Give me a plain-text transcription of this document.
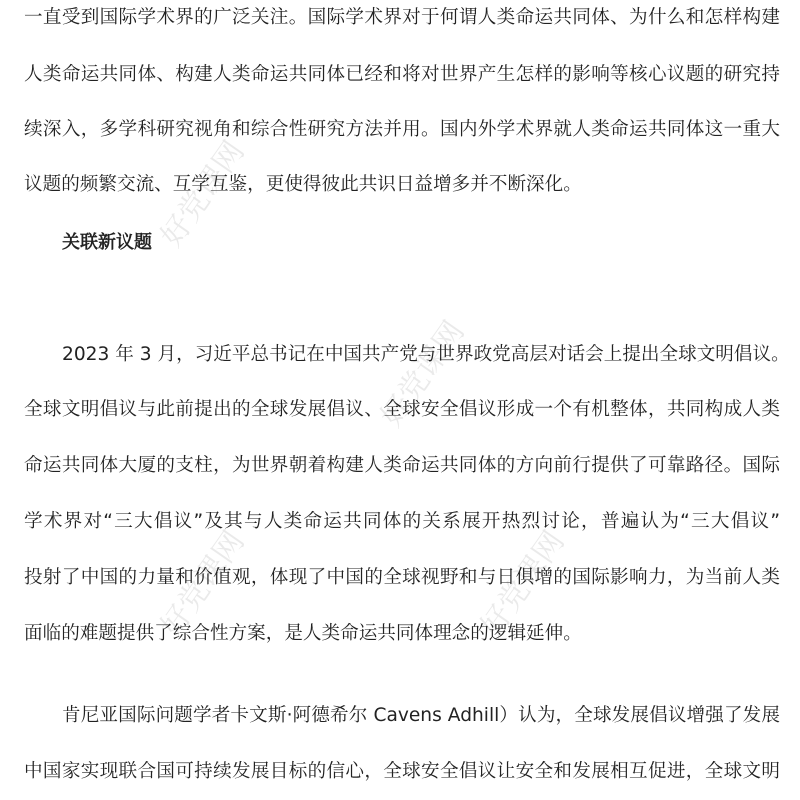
好党课网
好党课网
好党课网	好党课网
一直受到国际学术界的广泛关注。国际学术界对于何谓人类命运共同体、为什么和怎样构建
人类命运共同体、构建人类命运共同体已经和将对世界产生怎样的影响等核心议题的研究持
续深入，多学科研究视角和综合性研究方法并用。国内外学术界就人类命运共同体这一重大
议题的频繁交流、互学互鉴，更使得彼此共识日益增多并不断深化。
关联新议题
2023 年 3 月，习近平总书记在中国共产党与世界政党高层对话会上提出全球文明倡议。
全球文明倡议与此前提出的全球发展倡议、全球安全倡议形成一个有机整体，共同构成人类
命运共同体大厦的支柱，为世界朝着构建人类命运共同体的方向前行提供了可靠路径。国际
学术界对“三大倡议”及其与人类命运共同体的关系展开热烈讨论，普遍认为“三大倡议”
投射了中国的力量和价值观，体现了中国的全球视野和与日俱增的国际影响力，为当前人类
面临的难题提供了综合性方案，是人类命运共同体理念的逻辑延伸。
肯尼亚国际问题学者卡文斯·阿德希尔 Cavens Adhill）认为，全球发展倡议增强了发展
中国家实现联合国可持续发展目标的信心，全球安全倡议让安全和发展相互促进，全球文明
